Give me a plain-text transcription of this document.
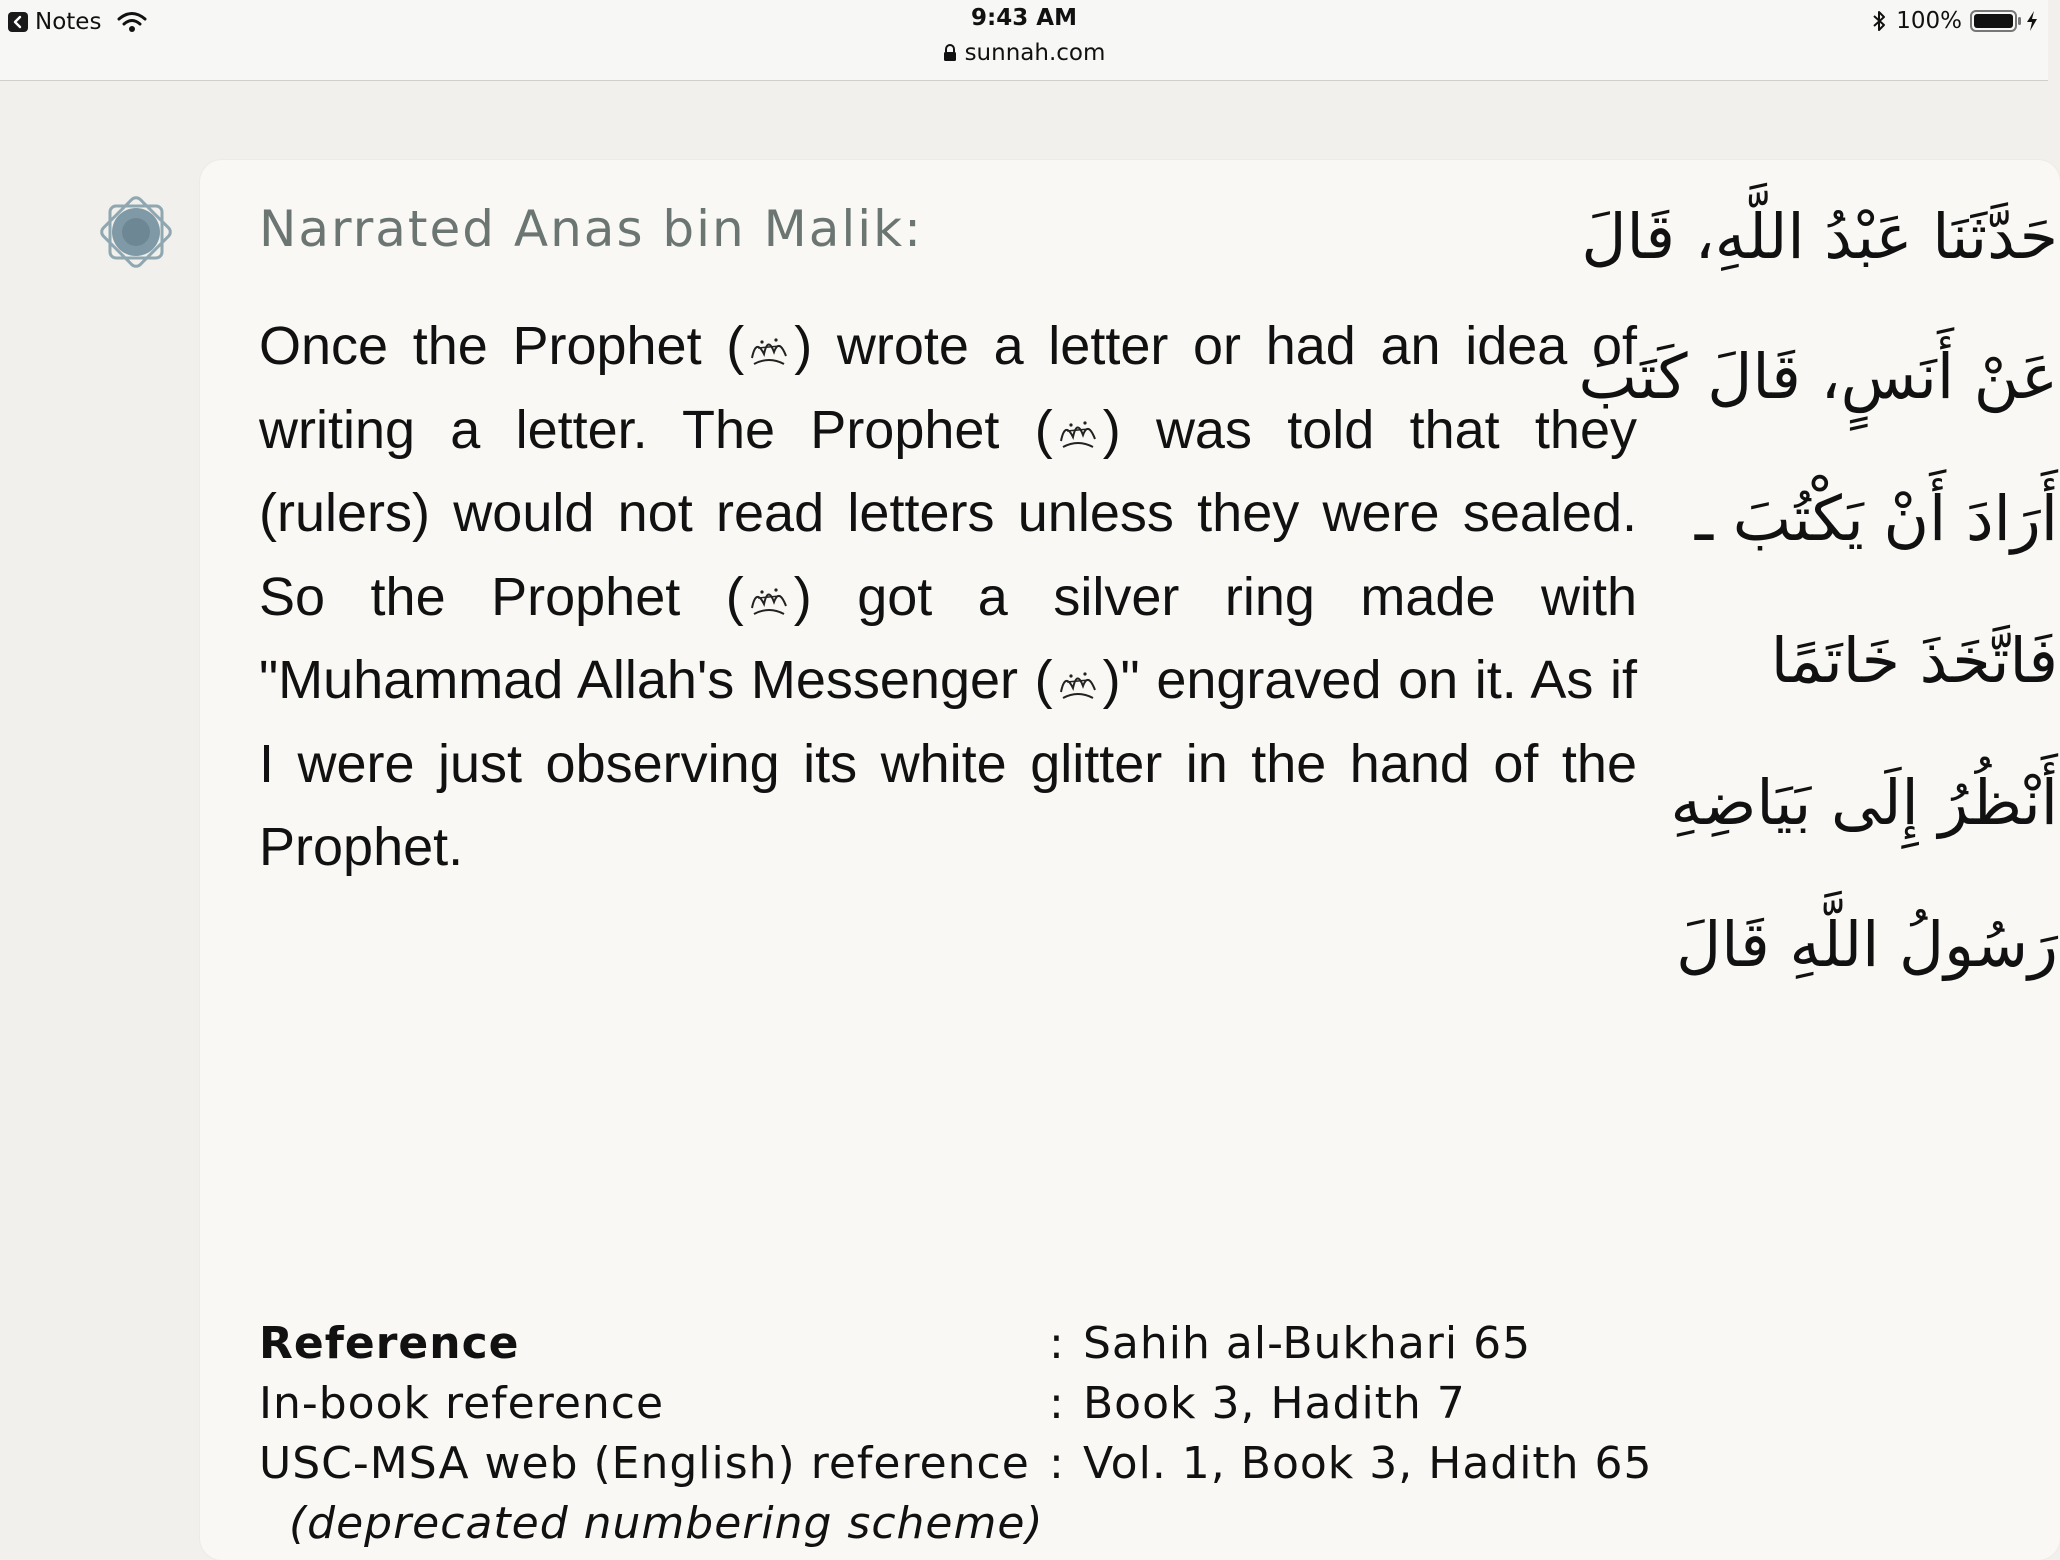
Notes	9:43 AM
sunnah.com
100%
Narrated Anas bin Malik:

Once the Prophet ( ) wrote a letter or had an idea of writing a letter. The Prophet ( ) was told that they (rulers) would not read letters unless they were sealed. So the Prophet ( ) got a silver ring made with "Muhammad Allah's Messenger ( )" engraved on it. As if I were just observing its white glitter in the hand of the Prophet.

حَدَّثَنَا عَبْدُ اللَّهِ، قَالَ
عَنْ أَنَسٍ، قَالَ كَتَبَ
أَرَادَ أَنْ يَكْتُبَ ـ
فَاتَّخَذَ خَاتَمًا
أَنْظُرُ إِلَى بَيَاضِهِ
رَسُولُ اللَّهِ قَالَ
Reference	:	Sahih al-Bukhari 65
In-book reference	:	Book 3, Hadith 7
USC-MSA web (English) reference	:	Vol. 1, Book 3, Hadith 65
(deprecated numbering scheme)		
